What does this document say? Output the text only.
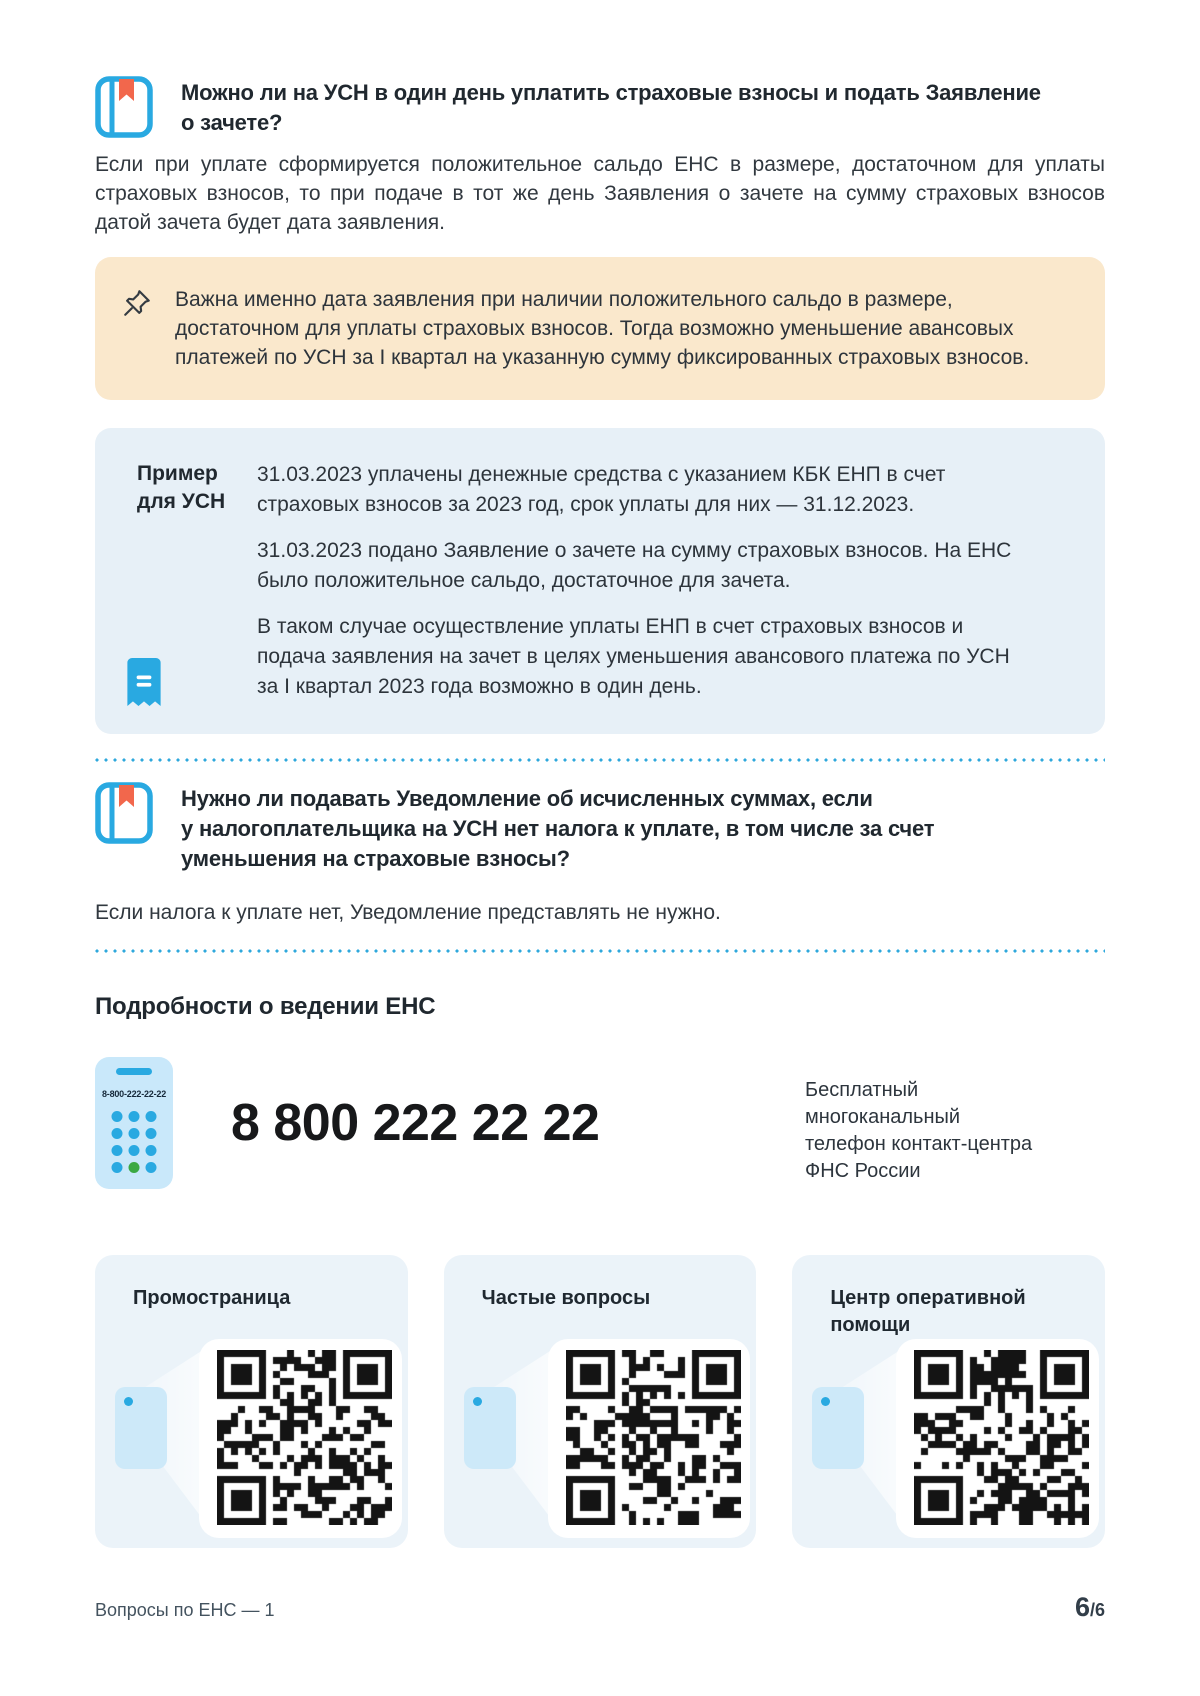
Можно ли на УСН в один день уплатить страховые взносы и подать Заявление
о зачете?

Если при уплате сформируется положительное сальдо ЕНС в размере, достаточном для уплаты страховых взносов, то при подаче в тот же день Заявления о зачете на сумму страховых взносов датой зачета будет дата заявления.

Важна именно дата заявления при наличии положительного сальдо в размере, достаточном для уплаты страховых взносов. Тогда возможно уменьшение авансовых платежей по УСН за I квартал на указанную сумму фиксированных страховых взносов.

Пример для УСН

31.03.2023 уплачены денежные средства с указанием КБК ЕНП в счет страховых взносов за 2023 год, срок уплаты для них — 31.12.2023.

31.03.2023 подано Заявление о зачете на сумму страховых взносов. На ЕНС было положительное сальдо, достаточное для зачета.

В таком случае осуществление уплаты ЕНП в счет страховых взносов и подача заявления на зачет в целях уменьшения авансового платежа по УСН за I квартал 2023 года возможно в один день.

Нужно ли подавать Уведомление об исчисленных суммах, если
у налогоплательщика на УСН нет налога к уплате, в том числе за счет
уменьшения на страховые взносы?

Если налога к уплате нет, Уведомление представлять не нужно.

Подробности о ведении ЕНС
8-800-222-22-22 8 800 222 22 22
Бесплатный
многоканальный
телефон контакт-центра
ФНС России
Промостраница	Частые вопросы	Центр оперативной помощи
Вопросы по ЕНС — 1	6/6
